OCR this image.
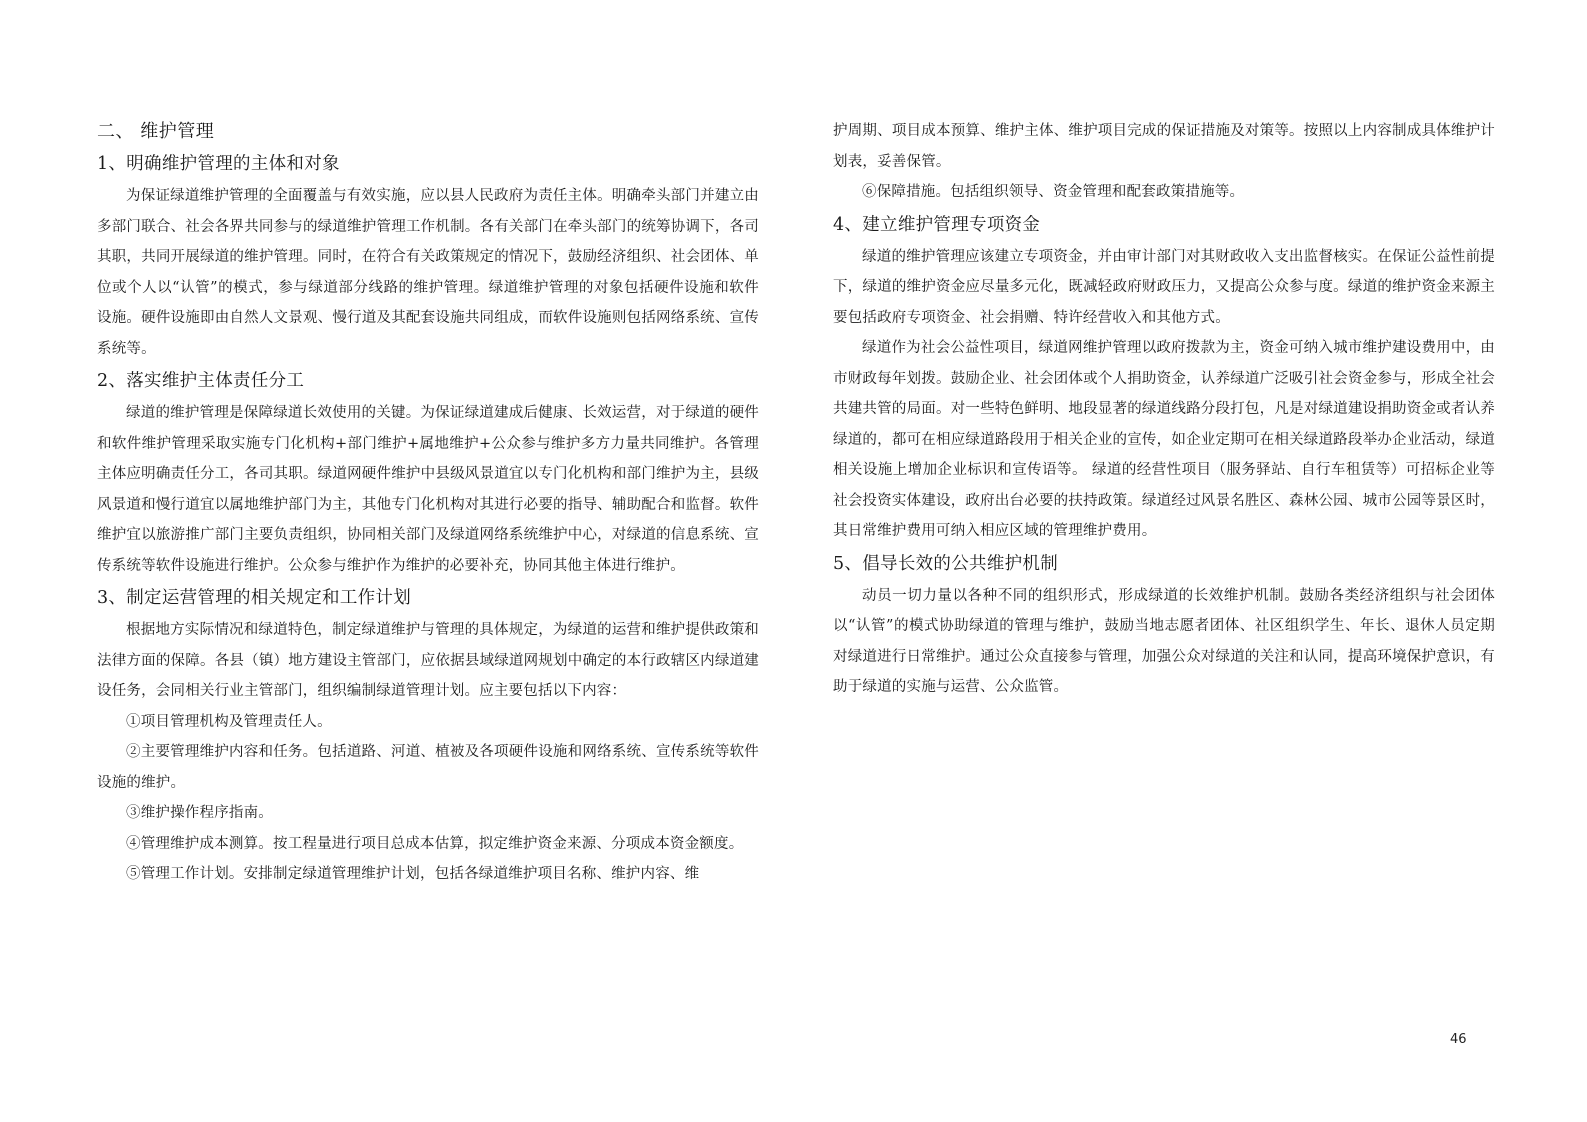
二、 维护管理
1、明确维护管理的主体和对象

为保证绿道维护管理的全面覆盖与有效实施，应以县人民政府为责任主体。明确牵头部门并建立由多部门联合、社会各界共同参与的绿道维护管理工作机制。各有关部门在牵头部门的统筹协调下，各司其职，共同开展绿道的维护管理。同时，在符合有关政策规定的情况下，鼓励经济组织、社会团体、单位或个人以“认管”的模式，参与绿道部分线路的维护管理。绿道维护管理的对象包括硬件设施和软件设施。硬件设施即由自然人文景观、慢行道及其配套设施共同组成，而软件设施则包括网络系统、宣传系统等。

2、落实维护主体责任分工

绿道的维护管理是保障绿道长效使用的关键。为保证绿道建成后健康、长效运营，对于绿道的硬件和软件维护管理采取实施专门化机构+部门维护+属地维护+公众参与维护多方力量共同维护。各管理主体应明确责任分工，各司其职。绿道网硬件维护中县级风景道宜以专门化机构和部门维护为主，县级风景道和慢行道宜以属地维护部门为主，其他专门化机构对其进行必要的指导、辅助配合和监督。软件维护宜以旅游推广部门主要负责组织，协同相关部门及绿道网络系统维护中心，对绿道的信息系统、宣传系统等软件设施进行维护。公众参与维护作为维护的必要补充，协同其他主体进行维护。

3、制定运营管理的相关规定和工作计划

根据地方实际情况和绿道特色，制定绿道维护与管理的具体规定，为绿道的运营和维护提供政策和法律方面的保障。各县（镇）地方建设主管部门，应依据县域绿道网规划中确定的本行政辖区内绿道建设任务，会同相关行业主管部门，组织编制绿道管理计划。应主要包括以下内容：

①项目管理机构及管理责任人。

②主要管理维护内容和任务。包括道路、河道、植被及各项硬件设施和网络系统、宣传系统等软件设施的维护。

③维护操作程序指南。

④管理维护成本测算。按工程量进行项目总成本估算，拟定维护资金来源、分项成本资金额度。

⑤管理工作计划。安排制定绿道管理维护计划，包括各绿道维护项目名称、维护内容、维

护周期、项目成本预算、维护主体、维护项目完成的保证措施及对策等。按照以上内容制成具体维护计划表，妥善保管。

⑥保障措施。包括组织领导、资金管理和配套政策措施等。

4、建立维护管理专项资金

绿道的维护管理应该建立专项资金，并由审计部门对其财政收入支出监督核实。在保证公益性前提下，绿道的维护资金应尽量多元化，既减轻政府财政压力，又提高公众参与度。绿道的维护资金来源主要包括政府专项资金、社会捐赠、特许经营收入和其他方式。

绿道作为社会公益性项目，绿道网维护管理以政府拨款为主，资金可纳入城市维护建设费用中，由市财政每年划拨。鼓励企业、社会团体或个人捐助资金，认养绿道广泛吸引社会资金参与，形成全社会共建共管的局面。对一些特色鲜明、地段显著的绿道线路分段打包，凡是对绿道建设捐助资金或者认养绿道的，都可在相应绿道路段用于相关企业的宣传，如企业定期可在相关绿道路段举办企业活动，绿道相关设施上增加企业标识和宣传语等。 绿道的经营性项目（服务驿站、自行车租赁等）可招标企业等社会投资实体建设，政府出台必要的扶持政策。绿道经过风景名胜区、森林公园、城市公园等景区时，其日常维护费用可纳入相应区域的管理维护费用。

5、倡导长效的公共维护机制

动员一切力量以各种不同的组织形式，形成绿道的长效维护机制。鼓励各类经济组织与社会团体以“认管”的模式协助绿道的管理与维护，鼓励当地志愿者团体、社区组织学生、年长、退休人员定期对绿道进行日常维护。通过公众直接参与管理，加强公众对绿道的关注和认同，提高环境保护意识，有助于绿道的实施与运营、公众监管。

46
